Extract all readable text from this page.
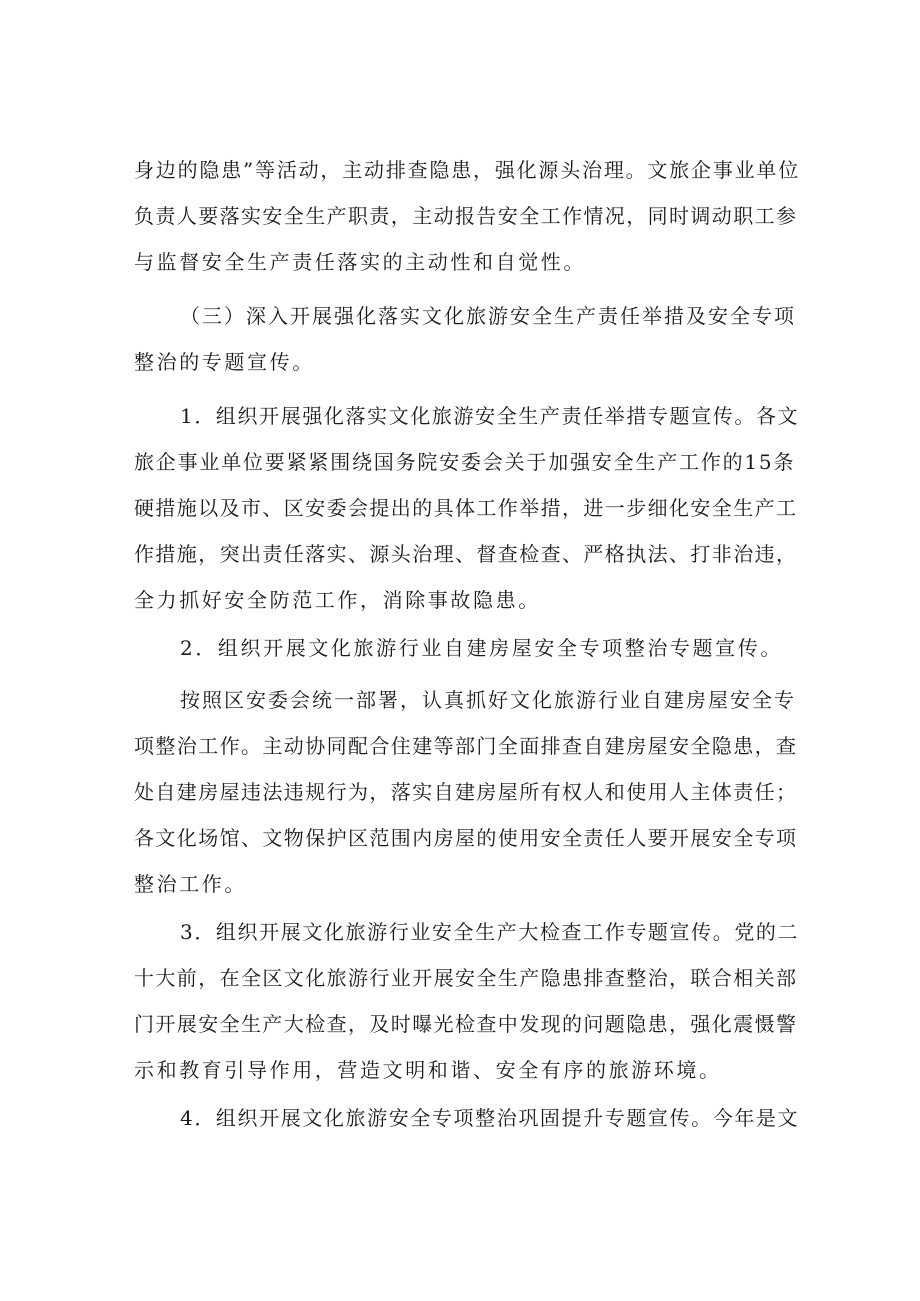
身边的隐患”等活动，主动排查隐患，强化源头治理。文旅企事业单位
负责人要落实安全生产职责，主动报告安全工作情况，同时调动职工参
与监督安全生产责任落实的主动性和自觉性。
（三）深入开展强化落实文化旅游安全生产责任举措及安全专项
整治的专题宣传。
1．组织开展强化落实文化旅游安全生产责任举措专题宣传。各文
旅企事业单位要紧紧围绕国务院安委会关于加强安全生产工作的15条
硬措施以及市、区安委会提出的具体工作举措，进一步细化安全生产工
作措施，突出责任落实、源头治理、督查检查、严格执法、打非治违，
全力抓好安全防范工作，消除事故隐患。
2．组织开展文化旅游行业自建房屋安全专项整治专题宣传。
按照区安委会统一部署，认真抓好文化旅游行业自建房屋安全专
项整治工作。主动协同配合住建等部门全面排查自建房屋安全隐患，查
处自建房屋违法违规行为，落实自建房屋所有权人和使用人主体责任；
各文化场馆、文物保护区范围内房屋的使用安全责任人要开展安全专项
整治工作。
3．组织开展文化旅游行业安全生产大检查工作专题宣传。党的二
十大前，在全区文化旅游行业开展安全生产隐患排查整治，联合相关部
门开展安全生产大检查，及时曝光检查中发现的问题隐患，强化震慑警
示和教育引导作用，营造文明和谐、安全有序的旅游环境。
4．组织开展文化旅游安全专项整治巩固提升专题宣传。今年是文
